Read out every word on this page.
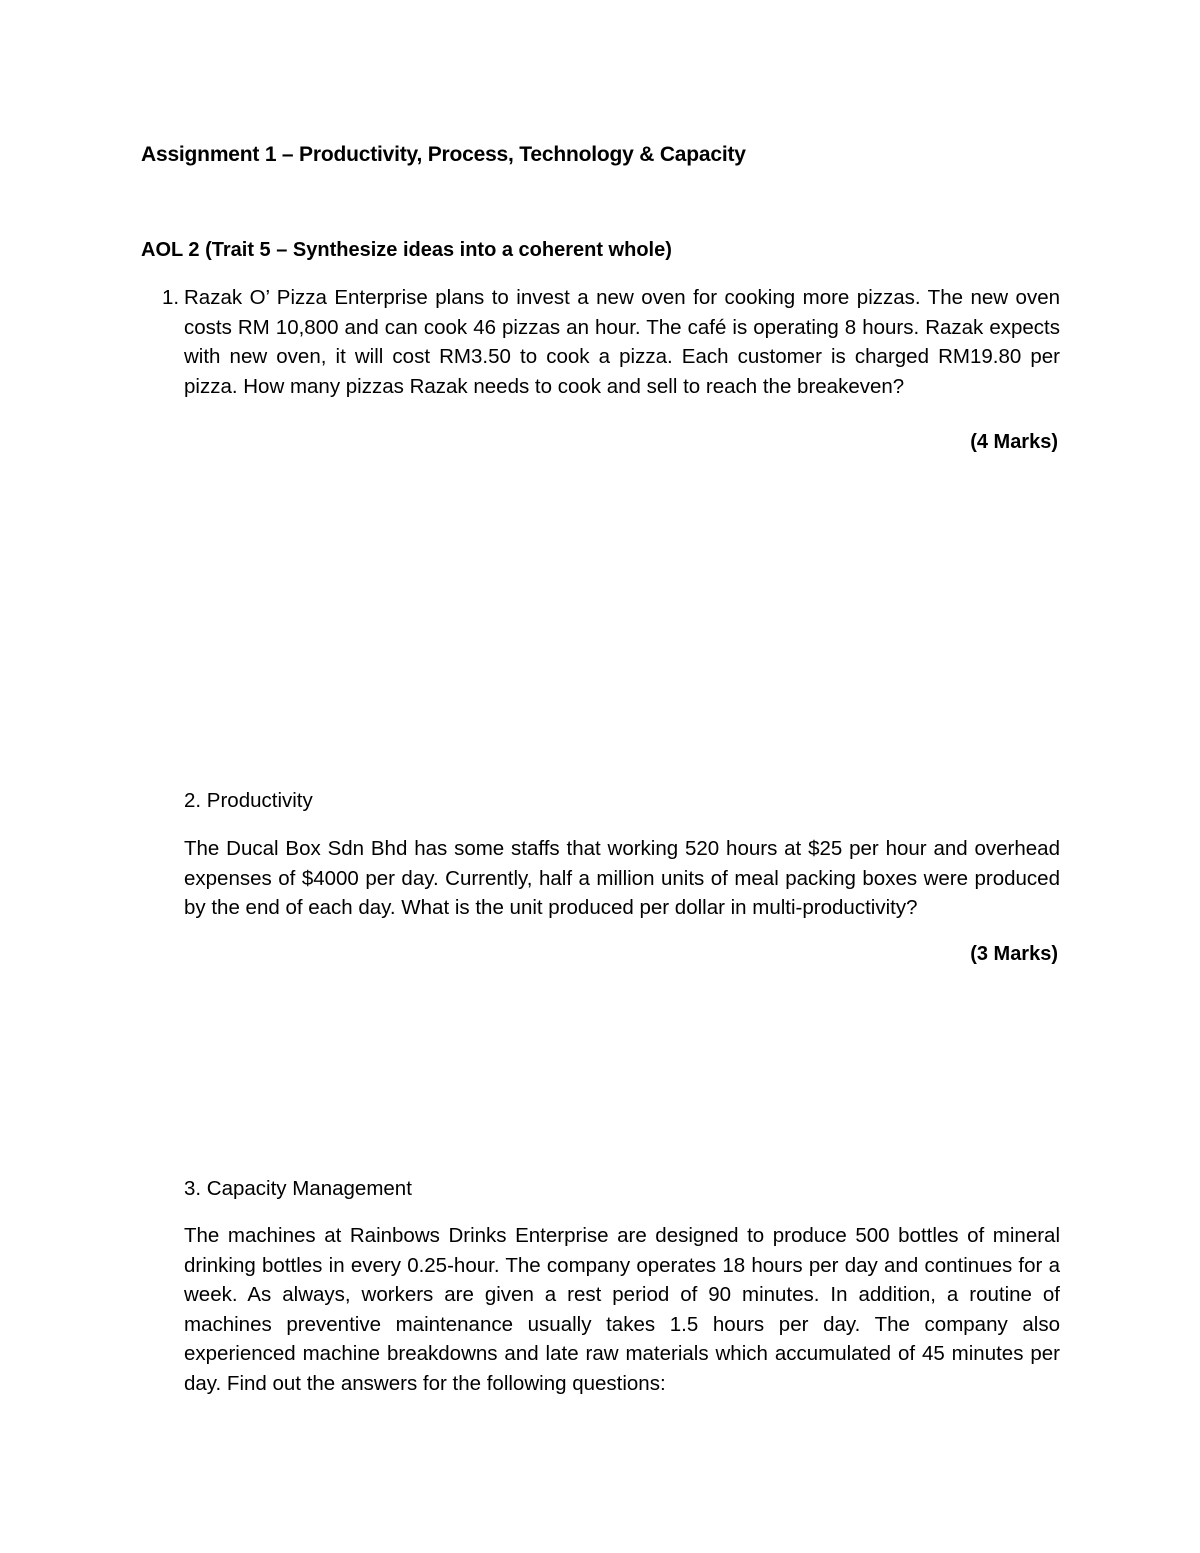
Assignment 1 – Productivity, Process, Technology & Capacity
AOL 2 (Trait 5 – Synthesize ideas into a coherent whole)
1. Razak O’ Pizza Enterprise plans to invest a new oven for cooking more pizzas. The new oven costs RM 10,800 and can cook 46 pizzas an hour. The café is operating 8 hours. Razak expects with new oven, it will cost RM3.50 to cook a pizza. Each customer is charged RM19.80 per pizza. How many pizzas Razak needs to cook and sell to reach the breakeven?
(4 Marks)
2. Productivity
The Ducal Box Sdn Bhd has some staffs that working 520 hours at $25 per hour and overhead expenses of $4000 per day. Currently, half a million units of meal packing boxes were produced by the end of each day. What is the unit produced per dollar in multi-productivity?
(3 Marks)
3. Capacity Management
The machines at Rainbows Drinks Enterprise are designed to produce 500 bottles of mineral drinking bottles in every 0.25-hour. The company operates 18 hours per day and continues for a week. As always, workers are given a rest period of 90 minutes. In addition, a routine of machines preventive maintenance usually takes 1.5 hours per day. The company also experienced machine breakdowns and late raw materials which accumulated of 45 minutes per day. Find out the answers for the following questions:
